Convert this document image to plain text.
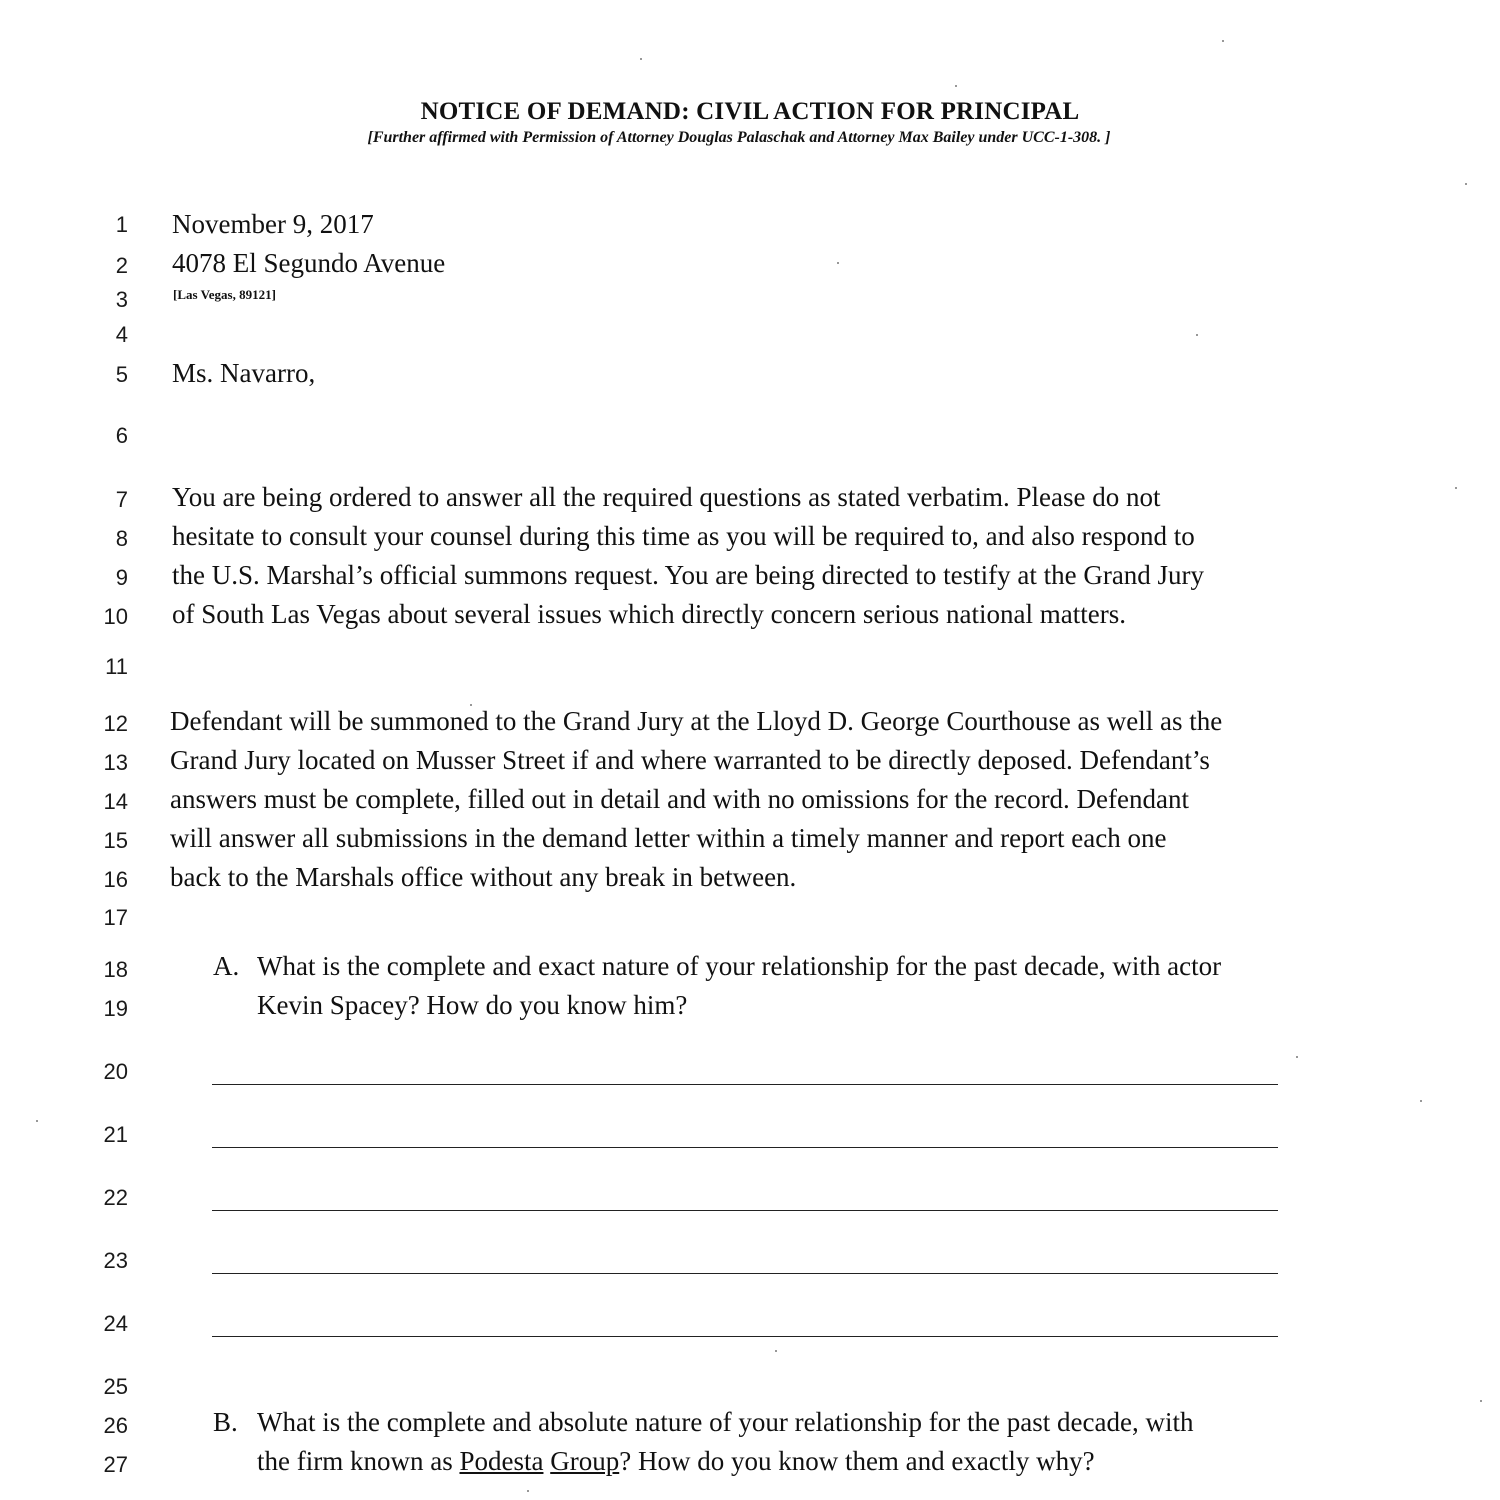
NOTICE OF DEMAND: CIVIL ACTION FOR PRINCIPAL
[Further affirmed with Permission of Attorney Douglas Palaschak and Attorney Max Bailey under UCC-1-308. ]
1
2
3
4
5
6
7
8
9
10
11
12
13
14
15
16
17
18
19
20
21
22
23
24
25
26
27
November 9, 2017
4078 El Segundo Avenue
[Las Vegas, 89121]
Ms. Navarro,
You are being ordered to answer all the required questions as stated verbatim. Please do not
hesitate to consult your counsel during this time as you will be required to, and also respond to
the U.S. Marshal’s official summons request. You are being directed to testify at the Grand Jury
of South Las Vegas about several issues which directly concern serious national matters.
Defendant will be summoned to the Grand Jury at the Lloyd D. George Courthouse as well as the
Grand Jury located on Musser Street if and where warranted to be directly deposed. Defendant’s
answers must be complete, filled out in detail and with no omissions for the record. Defendant
will answer all submissions in the demand letter within a timely manner and report each one
back to the Marshals office without any break in between.
A. What is the complete and exact nature of your relationship for the past decade, with actor
Kevin Spacey? How do you know him?
B. What is the complete and absolute nature of your relationship for the past decade, with
the firm known as Podesta Group? How do you know them and exactly why?
